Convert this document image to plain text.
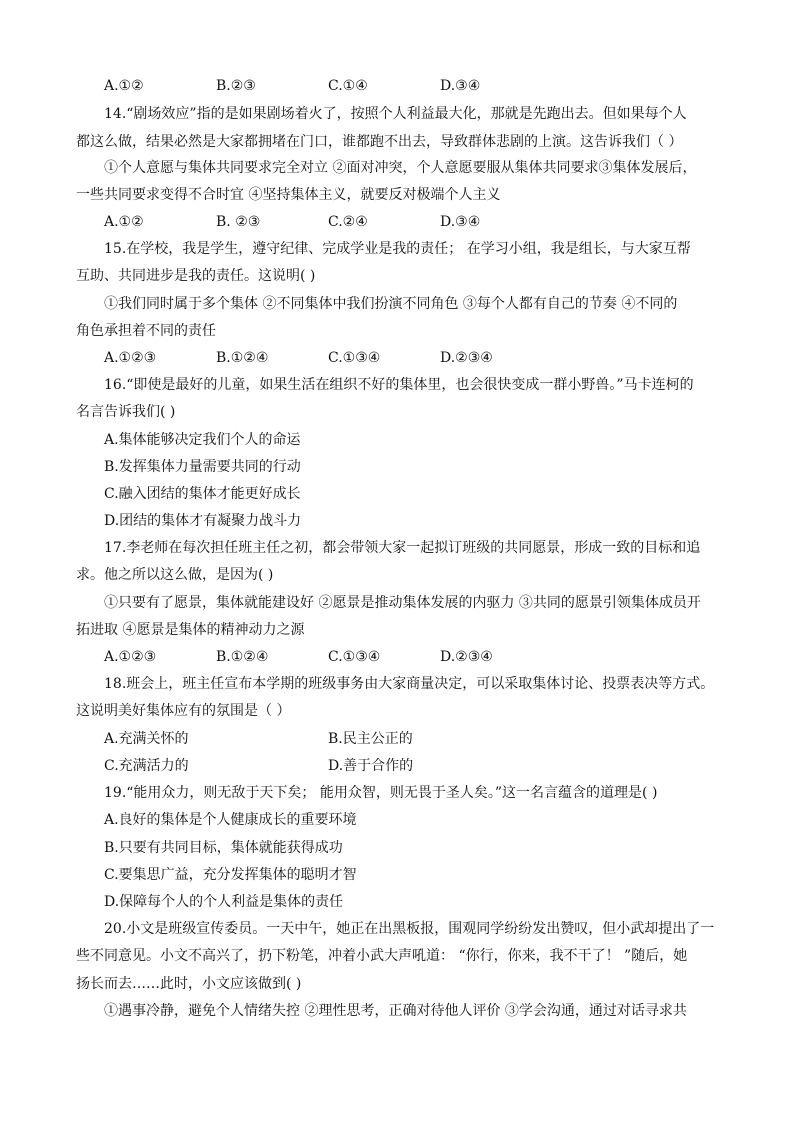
A.①②	B.②③	C.①④	D.③④
14.“剧场效应”指的是如果剧场着火了，按照个人利益最大化，那就是先跑出去。但如果每个人
都这么做，结果必然是大家都拥堵在门口，谁都跑不出去，导致群体悲剧的上演。这告诉我们（ ）
①个人意愿与集体共同要求完全对立 ②面对冲突，个人意愿要服从集体共同要求③集体发展后，
一些共同要求变得不合时宜 ④坚持集体主义，就要反对极端个人主义
A.①②	B. ②③	C.②④	D.③④
15.在学校，我是学生，遵守纪律、完成学业是我的责任； 在学习小组，我是组长，与大家互帮
互助、共同进步是我的责任。这说明( )
①我们同时属于多个集体 ②不同集体中我们扮演不同角色 ③每个人都有自己的节奏 ④不同的
角色承担着不同的责任
A.①②③	B.①②④	C.①③④	D.②③④
16.“即使是最好的儿童，如果生活在组织不好的集体里，也会很快变成一群小野兽。”马卡连柯的
名言告诉我们( )
A.集体能够决定我们个人的命运
B.发挥集体力量需要共同的行动
C.融入团结的集体才能更好成长
D.团结的集体才有凝聚力战斗力
17.李老师在每次担任班主任之初，都会带领大家一起拟订班级的共同愿景，形成一致的目标和追
求。他之所以这么做，是因为( )
①只要有了愿景，集体就能建设好 ②愿景是推动集体发展的内驱力 ③共同的愿景引领集体成员开
拓进取 ④愿景是集体的精神动力之源
A.①②③	B.①②④	C.①③④	D.②③④
18.班会上，班主任宣布本学期的班级事务由大家商量决定，可以采取集体讨论、投票表决等方式。
这说明美好集体应有的氛围是（ ）
A.充满关怀的	B.民主公正的
C.充满活力的	D.善于合作的
19.“能用众力，则无敌于天下矣； 能用众智，则无畏于圣人矣。”这一名言蕴含的道理是( )
A.良好的集体是个人健康成长的重要环境
B.只要有共同目标，集体就能获得成功
C.要集思广益，充分发挥集体的聪明才智
D.保障每个人的个人利益是集体的责任
20.小文是班级宣传委员。一天中午，她正在出黑板报，围观同学纷纷发出赞叹，但小武却提出了一
些不同意见。小文不高兴了，扔下粉笔，冲着小武大声吼道： “你行，你来，我不干了！ ”随后，她
扬长而去……此时，小文应该做到( )
①遇事冷静，避免个人情绪失控 ②理性思考，正确对待他人评价 ③学会沟通，通过对话寻求共
